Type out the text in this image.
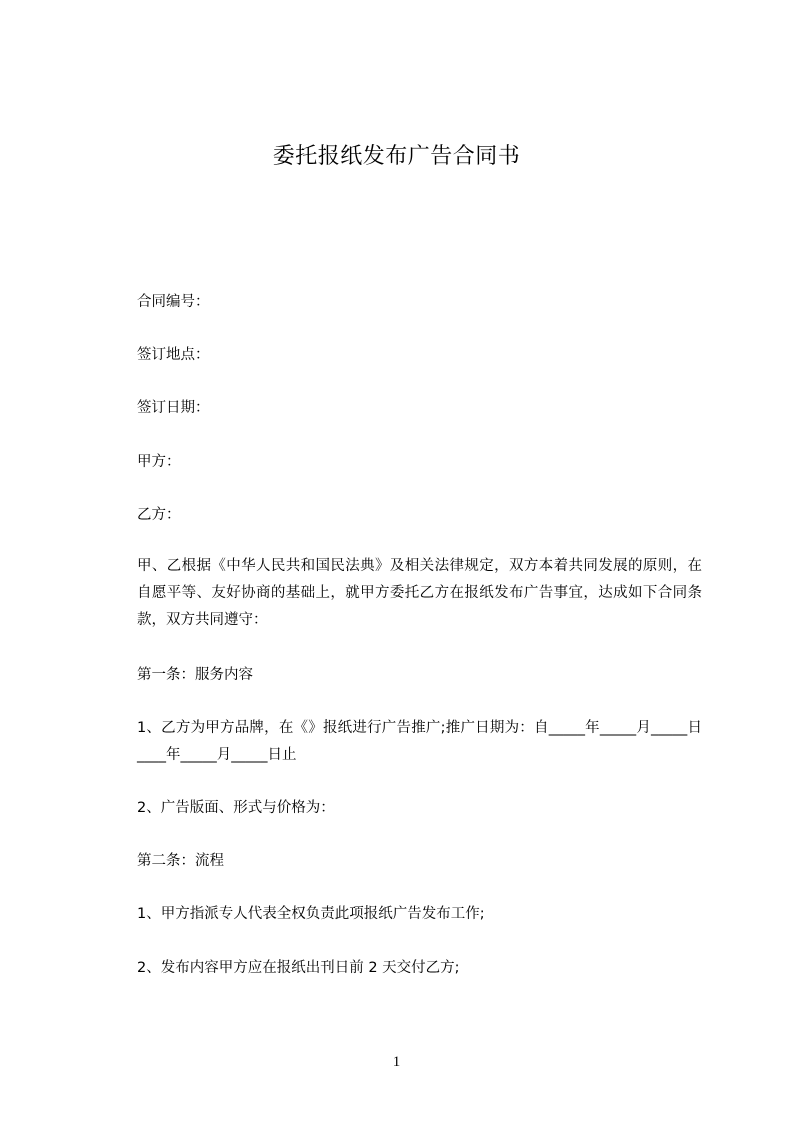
委托报纸发布广告合同书
合同编号：
签订地点：
签订日期：
甲方：
乙方：
甲、乙根据《中华人民共和国民法典》及相关法律规定，双方本着共同发展的原则，在自愿平等、友好协商的基础上，就甲方委托乙方在报纸发布广告事宜，达成如下合同条款，双方共同遵守：
第一条：服务内容
1、乙方为甲方品牌，在《》报纸进行广告推广;推广日期为：自_____年_____月_____日____年_____月_____日止
2、广告版面、形式与价格为：
第二条：流程
1、甲方指派专人代表全权负责此项报纸广告发布工作;
2、发布内容甲方应在报纸出刊日前 2 天交付乙方;
1
